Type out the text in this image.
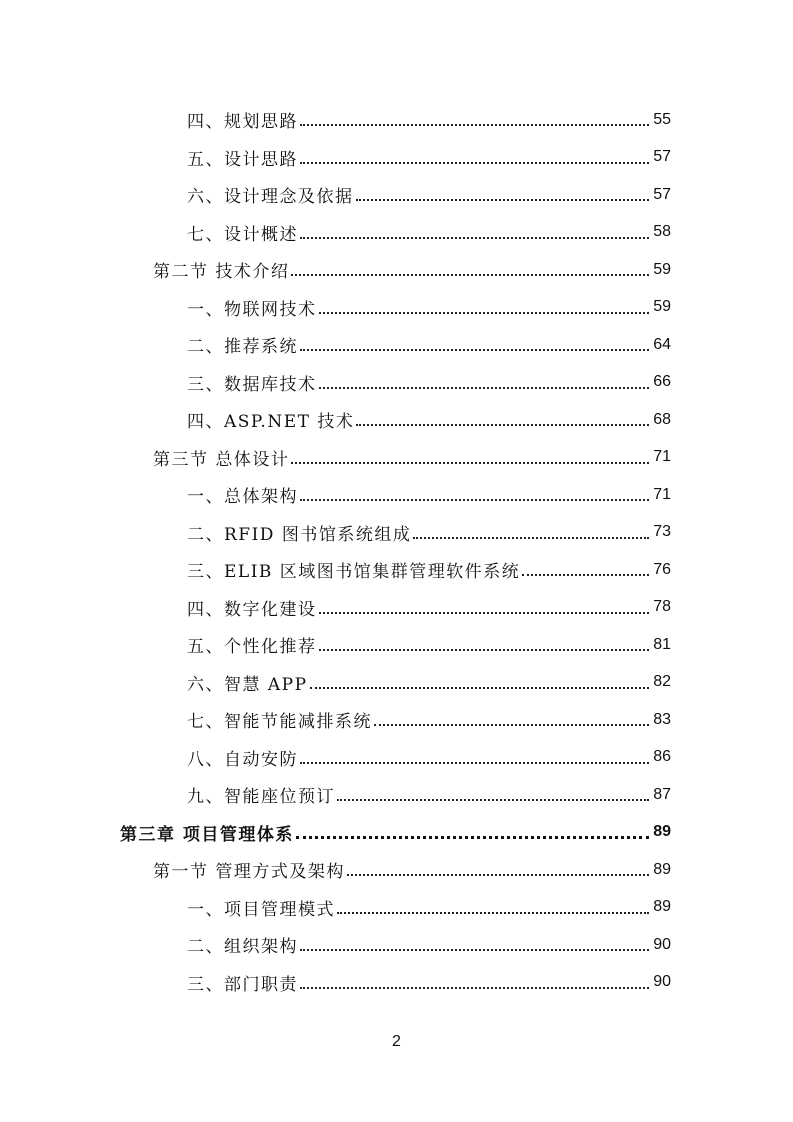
四、规划思路	55
五、设计思路	57
六、设计理念及依据	57
七、设计概述	58
第二节 技术介绍	59
一、物联网技术	59
二、推荐系统	64
三、数据库技术	66
四、ASP.NET 技术	68
第三节 总体设计	71
一、总体架构	71
二、RFID 图书馆系统组成	73
三、ELIB 区域图书馆集群管理软件系统	76
四、数字化建设	78
五、个性化推荐	81
六、智慧 APP	82
七、智能节能减排系统	83
八、自动安防	86
九、智能座位预订	87
第三章 项目管理体系	89
第一节 管理方式及架构	89
一、项目管理模式	89
二、组织架构	90
三、部门职责	90
2
